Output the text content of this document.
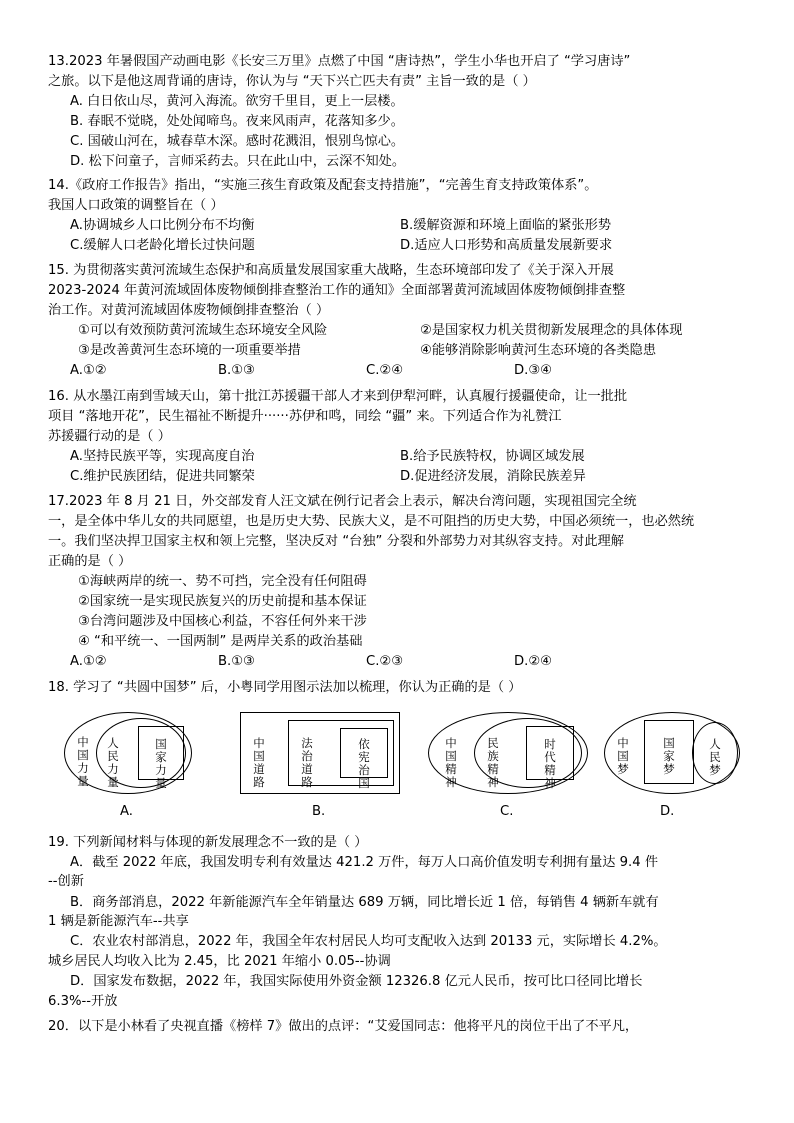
13.2023 年暑假国产动画电影《长安三万里》点燃了中国 “唐诗热”，学生小华也开启了 “学习唐诗”
之旅。以下是他这周背诵的唐诗，你认为与 “天下兴亡匹夫有责” 主旨一致的是（ ）
A. 白日依山尽，黄河入海流。欲穷千里目，更上一层楼。
B. 春眠不觉晓，处处闻啼鸟。夜来风雨声，花落知多少。
C. 国破山河在，城春草木深。感时花溅泪，恨别鸟惊心。
D. 松下问童子，言师采药去。只在此山中，云深不知处。
14.《政府工作报告》指出，“实施三孩生育政策及配套支持措施”，“完善生育支持政策体系”。
我国人口政策的调整旨在（ ）
A.协调城乡人口比例分布不均衡	B.缓解资源和环境上面临的紧张形势
C.缓解人口老龄化增长过快问题	D.适应人口形势和高质量发展新要求
15. 为贯彻落实黄河流域生态保护和高质量发展国家重大战略，生态环境部印发了《关于深入开展
2023-2024 年黄河流域固体废物倾倒排查整治工作的通知》全面部署黄河流域固体废物倾倒排查整
治工作。对黄河流域固体废物倾倒排查整治（ ）
①可以有效预防黄河流域生态环境安全风险	②是国家权力机关贯彻新发展理念的具体体现
③是改善黄河生态环境的一项重要举措	④能够消除影响黄河生态环境的各类隐患
A.①②	B.①③	C.②④	D.③④
16. 从水墨江南到雪域天山，第十批江苏援疆干部人才来到伊犁河畔，认真履行援疆使命，让一批批
项目 “落地开花”，民生福祉不断提升······苏伊和鸣，同绘 “疆” 来。下列适合作为礼赞江
苏援疆行动的是（ ）
A.坚持民族平等，实现高度自治	B.给予民族特权，协调区域发展
C.维护民族团结，促进共同繁荣	D.促进经济发展，消除民族差异
17.2023 年 8 月 21 日，外交部发育人汪文斌在例行记者会上表示，解决台湾问题，实现祖国完全统
一，是全体中华儿女的共同愿望，也是历史大势、民族大义，是不可阻挡的历史大势，中国必须统一，也必然统
一。我们坚决捍卫国家主权和领上完整，坚决反对 “台独” 分裂和外部势力对其纵容支持。对此理解
正确的是（ ）
①海峡两岸的统一、势不可挡，完全没有任何阻碍
②国家统一是实现民族复兴的历史前提和基本保证
③台湾问题涉及中国核心利益，不容任何外来干涉
④ “和平统一、一国两制” 是两岸关系的政治基础
A.①②	B.①③	C.②③	D.②④
18. 学习了 “共圆中国梦” 后，小粤同学用图示法加以梳理，你认为正确的是（ ）
中国力量
人民力量
国家力量
A.
中国道路
法治道路
依宪治国
B.
中国精神
民族精神
时代精神
C.
中国梦
国家梦
人民梦
D.
19. 下列新闻材料与体现的新发展理念不一致的是（ ）
A．截至 2022 年底，我国发明专利有效量达 421.2 万件，每万人口高价值发明专利拥有量达 9.4 件
--创新
B．商务部消息，2022 年新能源汽车全年销量达 689 万辆，同比增长近 1 倍，每销售 4 辆新车就有
1 辆是新能源汽车--共享
C．农业农村部消息，2022 年，我国全年农村居民人均可支配收入达到 20133 元，实际增长 4.2%。
城乡居民人均收入比为 2.45，比 2021 年缩小 0.05--协调
D．国家发布数据，2022 年，我国实际使用外资金额 12326.8 亿元人民币，按可比口径同比增长
6.3%--开放
20．以下是小林看了央视直播《榜样 7》做出的点评：“艾爱国同志：他将平凡的岗位干出了不平凡，
